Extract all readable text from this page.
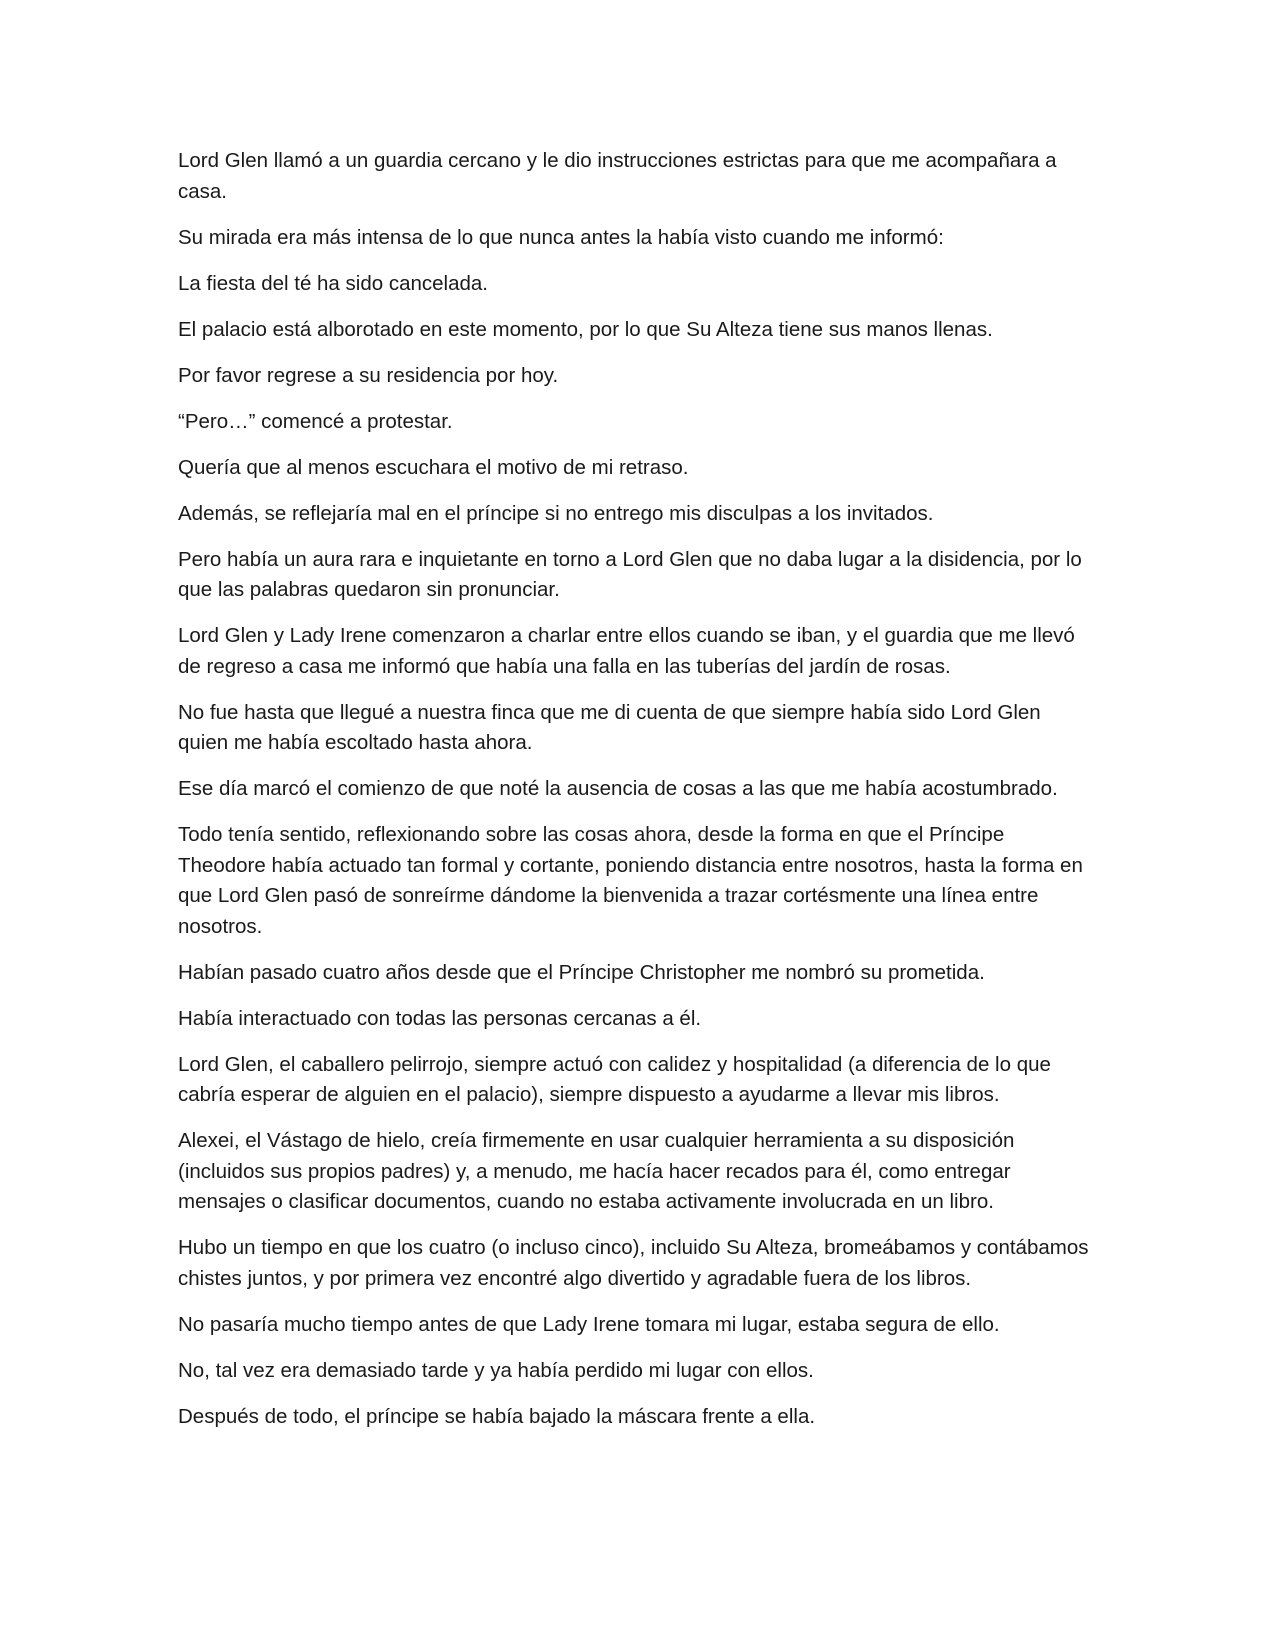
Lord Glen llamó a un guardia cercano y le dio instrucciones estrictas para que me acompañara a casa.

Su mirada era más intensa de lo que nunca antes la había visto cuando me informó:

La fiesta del té ha sido cancelada.

El palacio está alborotado en este momento, por lo que Su Alteza tiene sus manos llenas.

Por favor regrese a su residencia por hoy.

“Pero…” comencé a protestar.

Quería que al menos escuchara el motivo de mi retraso.

Además, se reflejaría mal en el príncipe si no entrego mis disculpas a los invitados.

Pero había un aura rara e inquietante en torno a Lord Glen que no daba lugar a la disidencia, por lo que las palabras quedaron sin pronunciar.

Lord Glen y Lady Irene comenzaron a charlar entre ellos cuando se iban, y el guardia que me llevó de regreso a casa me informó que había una falla en las tuberías del jardín de rosas.

No fue hasta que llegué a nuestra finca que me di cuenta de que siempre había sido Lord Glen quien me había escoltado hasta ahora.

Ese día marcó el comienzo de que noté la ausencia de cosas a las que me había acostumbrado.

Todo tenía sentido, reflexionando sobre las cosas ahora, desde la forma en que el Príncipe Theodore había actuado tan formal y cortante, poniendo distancia entre nosotros, hasta la forma en que Lord Glen pasó de sonreírme dándome la bienvenida a trazar cortésmente una línea entre nosotros.

Habían pasado cuatro años desde que el Príncipe Christopher me nombró su prometida.

Había interactuado con todas las personas cercanas a él.

Lord Glen, el caballero pelirrojo, siempre actuó con calidez y hospitalidad (a diferencia de lo que cabría esperar de alguien en el palacio), siempre dispuesto a ayudarme a llevar mis libros.

Alexei, el Vástago de hielo, creía firmemente en usar cualquier herramienta a su disposición (incluidos sus propios padres) y, a menudo, me hacía hacer recados para él, como entregar mensajes o clasificar documentos, cuando no estaba activamente involucrada en un libro.

Hubo un tiempo en que los cuatro (o incluso cinco), incluido Su Alteza, bromeábamos y contábamos chistes juntos, y por primera vez encontré algo divertido y agradable fuera de los libros.

No pasaría mucho tiempo antes de que Lady Irene tomara mi lugar, estaba segura de ello.

No, tal vez era demasiado tarde y ya había perdido mi lugar con ellos.

Después de todo, el príncipe se había bajado la máscara frente a ella.
